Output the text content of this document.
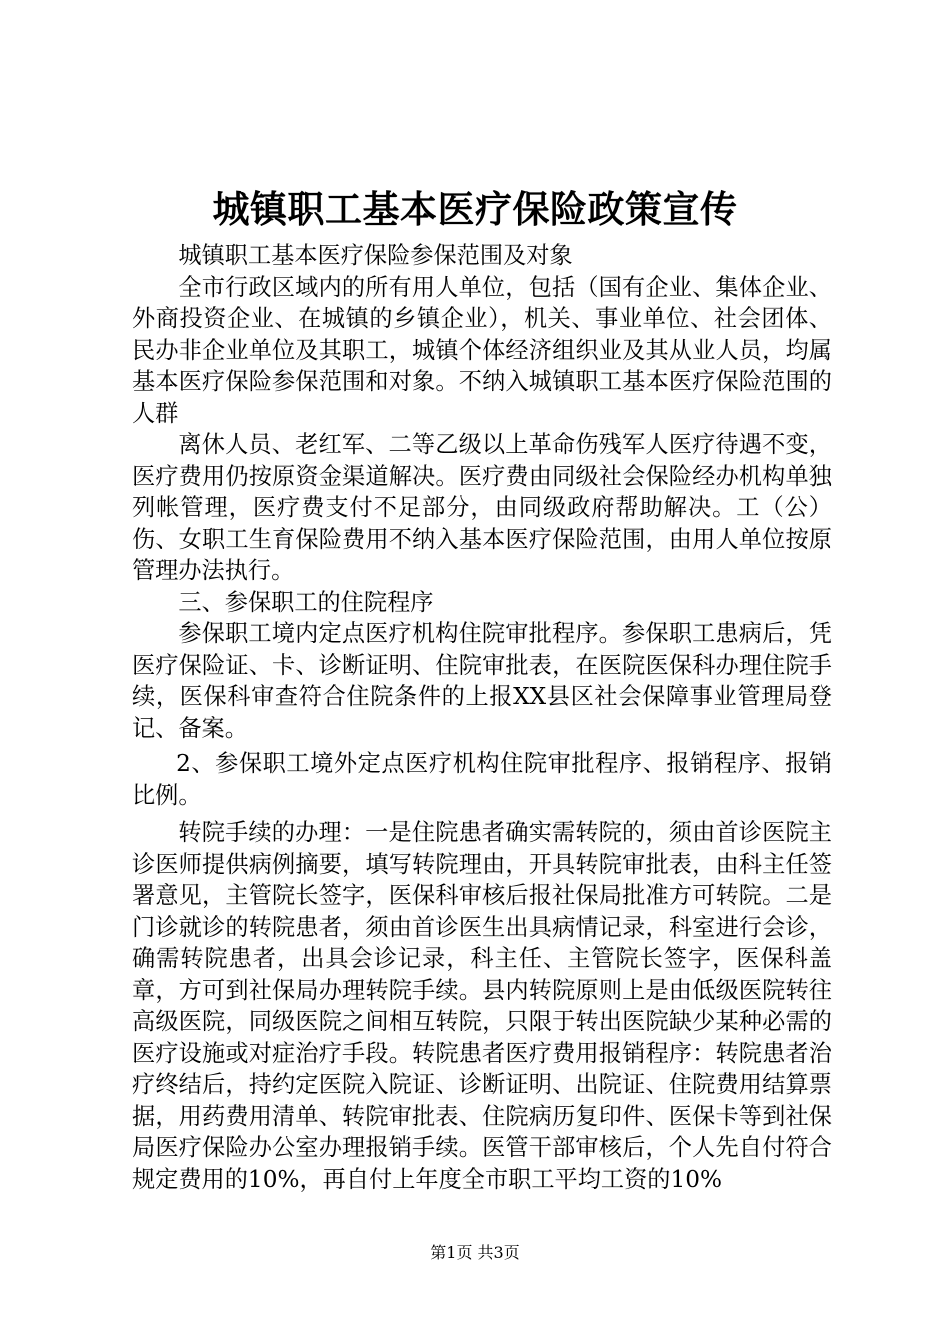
城镇职工基本医疗保险政策宣传

城镇职工基本医疗保险参保范围及对象

全市行政区域内的所有用人单位，包括（国有企业、集体企业、外商投资企业、在城镇的乡镇企业），机关、事业单位、社会团体、民办非企业单位及其职工，城镇个体经济组织业及其从业人员，均属基本医疗保险参保范围和对象。不纳入城镇职工基本医疗保险范围的人群

离休人员、老红军、二等乙级以上革命伤残军人医疗待遇不变，医疗费用仍按原资金渠道解决。医疗费由同级社会保险经办机构单独列帐管理，医疗费支付不足部分，由同级政府帮助解决。工（公）伤、女职工生育保险费用不纳入基本医疗保险范围，由用人单位按原管理办法执行。

三、参保职工的住院程序

参保职工境内定点医疗机构住院审批程序。参保职工患病后，凭医疗保险证、卡、诊断证明、住院审批表，在医院医保科办理住院手续，医保科审查符合住院条件的上报XX县区社会保障事业管理局登记、备案。

2、参保职工境外定点医疗机构住院审批程序、报销程序、报销比例。

转院手续的办理：一是住院患者确实需转院的，须由首诊医院主诊医师提供病例摘要，填写转院理由，开具转院审批表，由科主任签署意见，主管院长签字，医保科审核后报社保局批准方可转院。二是门诊就诊的转院患者，须由首诊医生出具病情记录，科室进行会诊，确需转院患者，出具会诊记录，科主任、主管院长签字，医保科盖章，方可到社保局办理转院手续。县内转院原则上是由低级医院转往高级医院，同级医院之间相互转院，只限于转出医院缺少某种必需的医疗设施或对症治疗手段。转院患者医疗费用报销程序：转院患者治疗终结后，持约定医院入院证、诊断证明、出院证、住院费用结算票据，用药费用清单、转院审批表、住院病历复印件、医保卡等到社保局医疗保险办公室办理报销手续。医管干部审核后，个人先自付符合规定费用的10%，再自付上年度全市职工平均工资的10%

第1页 共3页
